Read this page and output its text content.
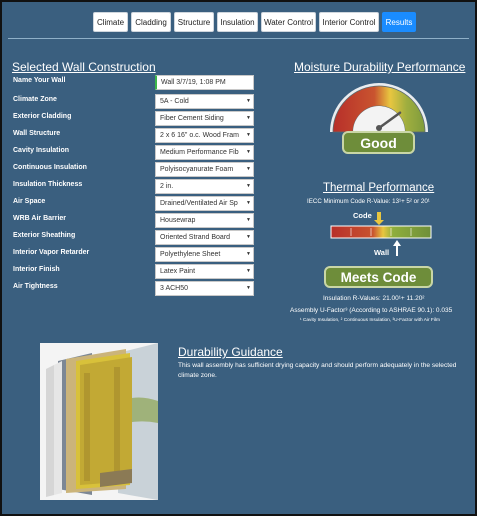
Climate	Cladding	Structure	Insulation	Water Control	Interior Control	Results
Selected Wall Construction
Name Your Wall	Wall 3/7/19, 1:08 PM
Climate Zone	5A - Cold	▼
Exterior Cladding	Fiber Cement Siding	▼
Wall Structure	2 x 6 16" o.c. Wood Fram ▼
Cavity Insulation	Medium Performance Fib ▼
Continuous Insulation	Polyisocyanurate Foam	▼
Insulation Thickness	2 in.	▼
Air Space	Drained/Ventilated Air Sp ▼
WRB Air Barrier	Housewrap	▼
Exterior Sheathing	Oriented Strand Board	▼
Interior Vapor Retarder	Polyethylene Sheet	▼
Interior Finish	Latex Paint	▼
Air Tightness	3 ACH50	▼
Moisture Durability Performance
Good
Thermal Performance
IECC Minimum Code R-Value: 13¹+ 5² or 20¹
Code
Wall
Meets Code
Insulation R-Values: 21.00¹+ 11.20²
Assembly U-Factor³ (According to ASHRAE 90.1): 0.035
¹ Cavity Insulation, ² Continuous Insulation, ³U-Factor with Air Film
Durability Guidance
This wall assembly has sufficient drying capacity and should perform adequately in the selected climate zone.
